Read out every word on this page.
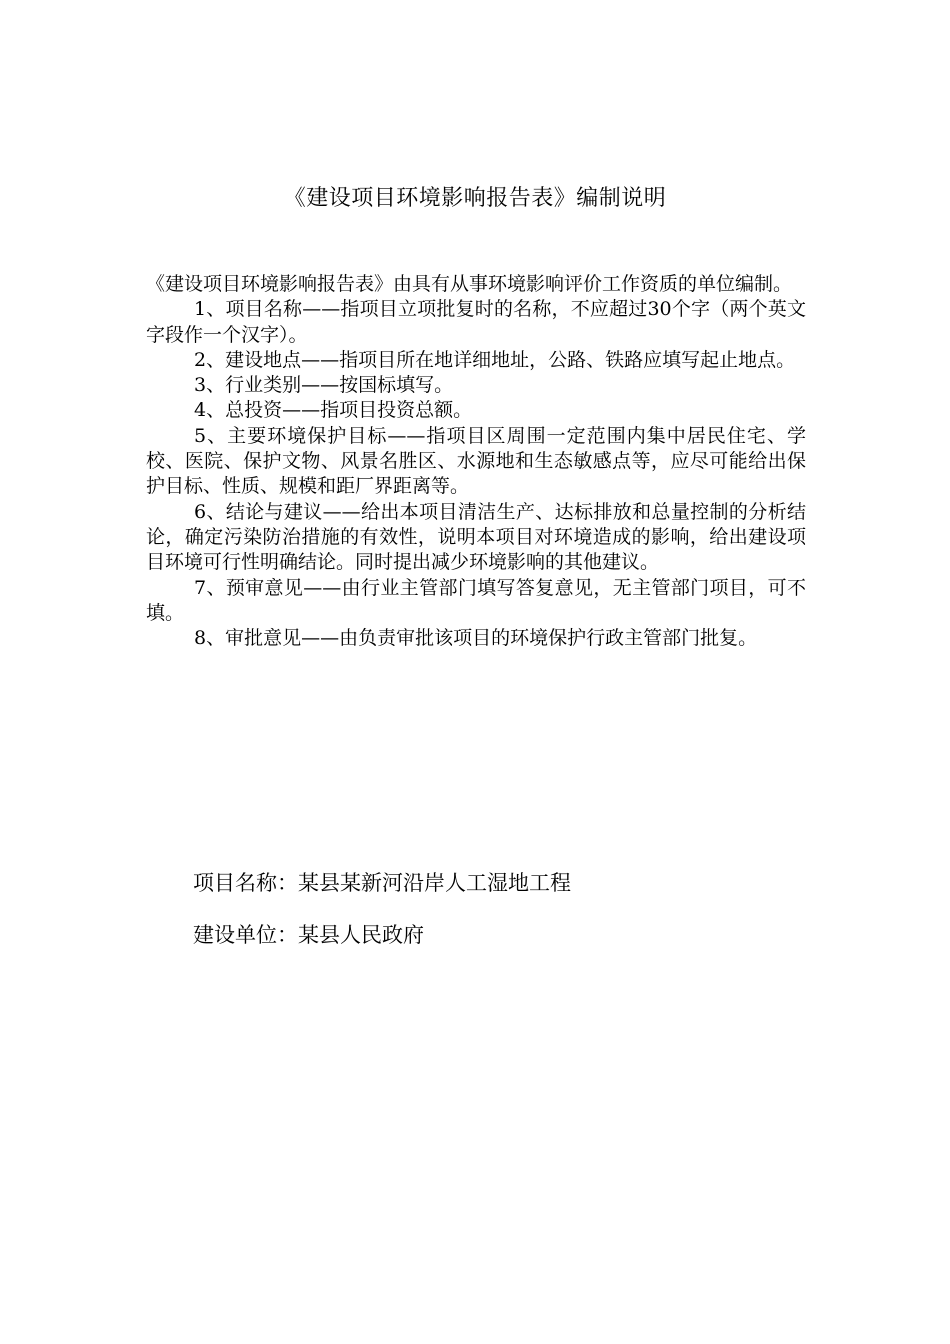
《建设项目环境影响报告表》编制说明

《建设项目环境影响报告表》由具有从事环境影响评价工作资质的单位编制。

1、项目名称——指项目立项批复时的名称，不应超过30个字（两个英文字段作一个汉字）。

2、建设地点——指项目所在地详细地址，公路、铁路应填写起止地点。

3、行业类别——按国标填写。

4、总投资——指项目投资总额。

5、主要环境保护目标——指项目区周围一定范围内集中居民住宅、学校、医院、保护文物、风景名胜区、水源地和生态敏感点等，应尽可能给出保护目标、性质、规模和距厂界距离等。

6、结论与建议——给出本项目清洁生产、达标排放和总量控制的分析结论，确定污染防治措施的有效性，说明本项目对环境造成的影响，给出建设项目环境可行性明确结论。同时提出减少环境影响的其他建议。

7、预审意见——由行业主管部门填写答复意见，无主管部门项目，可不填。

8、审批意见——由负责审批该项目的环境保护行政主管部门批复。

项目名称：某县某新河沿岸人工湿地工程

建设单位：某县人民政府
